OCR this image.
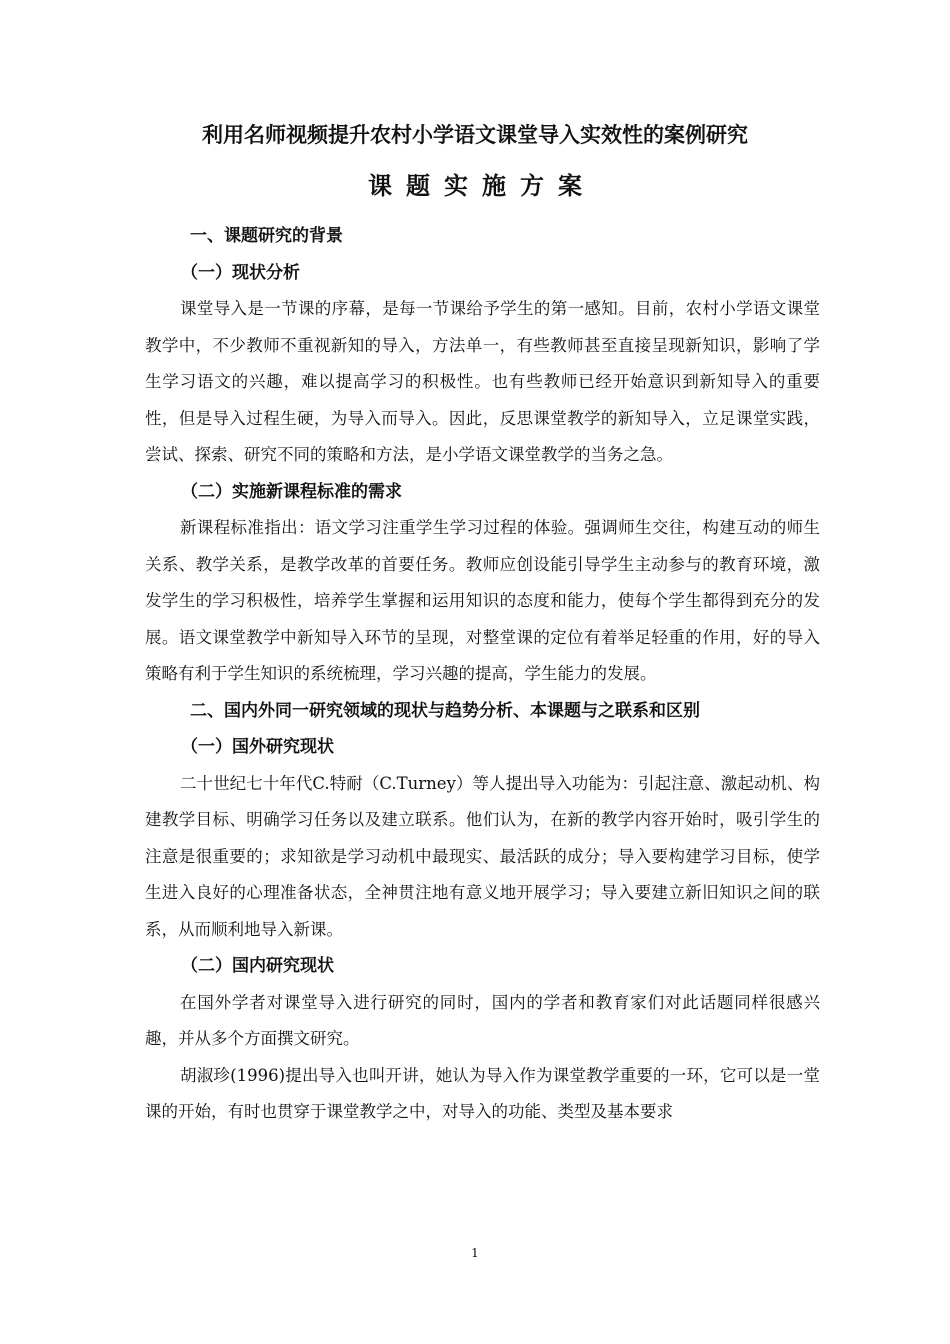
利用名师视频提升农村小学语文课堂导入实效性的案例研究
课题实施方案

一、课题研究的背景

（一）现状分析

课堂导入是一节课的序幕，是每一节课给予学生的第一感知。目前，农村小学语文课堂教学中，不少教师不重视新知的导入，方法单一，有些教师甚至直接呈现新知识，影响了学生学习语文的兴趣，难以提高学习的积极性。也有些教师已经开始意识到新知导入的重要性，但是导入过程生硬，为导入而导入。因此，反思课堂教学的新知导入，立足课堂实践，尝试、探索、研究不同的策略和方法，是小学语文课堂教学的当务之急。

（二）实施新课程标准的需求

新课程标准指出：语文学习注重学生学习过程的体验。强调师生交往，构建互动的师生关系、教学关系，是教学改革的首要任务。教师应创设能引导学生主动参与的教育环境，激发学生的学习积极性，培养学生掌握和运用知识的态度和能力，使每个学生都得到充分的发展。语文课堂教学中新知导入环节的呈现，对整堂课的定位有着举足轻重的作用，好的导入策略有利于学生知识的系统梳理，学习兴趣的提高，学生能力的发展。

二、国内外同一研究领域的现状与趋势分析、本课题与之联系和区别

（一）国外研究现状

二十世纪七十年代C.特耐（C.Turney）等人提出导入功能为：引起注意、激起动机、构建教学目标、明确学习任务以及建立联系。他们认为，在新的教学内容开始时，吸引学生的注意是很重要的；求知欲是学习动机中最现实、最活跃的成分；导入要构建学习目标，使学生进入良好的心理准备状态，全神贯注地有意义地开展学习；导入要建立新旧知识之间的联系，从而顺利地导入新课。

（二）国内研究现状

在国外学者对课堂导入进行研究的同时，国内的学者和教育家们对此话题同样很感兴趣，并从多个方面撰文研究。

胡淑珍(1996)提出导入也叫开讲，她认为导入作为课堂教学重要的一环，它可以是一堂课的开始，有时也贯穿于课堂教学之中，对导入的功能、类型及基本要求

1
